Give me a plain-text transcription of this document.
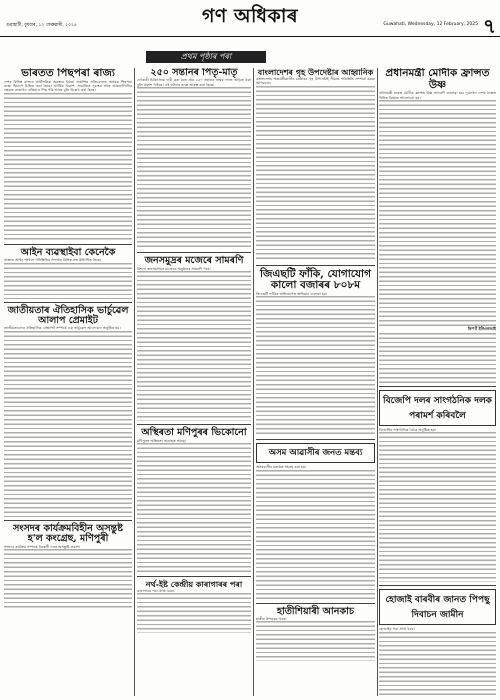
গুৱাহাটী, বুধবাৰ, ১২ ফেব্ৰুৱাৰী, ২০২৫	গণ অধিকাৰ	Guwahati, Wednesday, 12 February, 2025 ৭
প্ৰথম পৃষ্ঠাৰ পৰা
ভাৰতত পিছপৰা ৰাজ্য

দেশৰ বিভিন্ন ৰাজ্যৰ অৰ্থনৈতিক অৱস্থাৰ বিষয়ে প্ৰকাশিত প্ৰতিবেদনত অসমক পিছপৰা ৰাজ্য হিচাপে চিহ্নিত কৰা হৈছে। আৰ্থিক বিকাশ, সামাজিক সূচাংক আৰু আন্তঃগাঁথনিৰ ক্ষেত্ৰত ৰাজ্যখন এতিয়াও পিছ পৰি আছে বুলি উল্লেখ কৰা হৈছে।

আইন ব্যৱস্থাইবা কেনেকৈ

ৰাজ্যত আইন শৃংখলা পৰিস্থিতিৰ সন্দৰ্ভত বিভিন্ন প্ৰশ্ন উত্থাপিত হৈছে।

জাতীয়তাৰ ঐতিহাসিক ভাৰ্চুৱেল আলাপ প্ৰেমাইট

জাতীয়তাবাদৰ ঐতিহাসিক প্ৰেক্ষাপট সম্পৰ্কে এক ভাৰ্চুৱেল আলোচনা অনুষ্ঠিত হয়।

সংসদৰ কাৰ্যক্ৰমবিহীন অসন্তুষ্ট হ'ল কংগ্ৰেছ, মণিপুৰী

সংসদৰ কাৰ্যক্ৰম সম্পৰ্কে বিৰোধী দলৰ অসন্তুষ্টি প্ৰকাশ।

২৫০ সন্তানৰ পিতৃ-মাতৃ

এগৰাকী চিকিৎসকে দাবী কৰা মতে প্ৰায় ২৫০ সন্তানৰ জন্মৰ লগত জড়িত থকা বুলি প্ৰকাশ পাইছে। এই ঘটনাৰ তদন্ত আৰম্ভ কৰা হৈছে।

জনসমুদ্ৰৰ মজেৰে সামৰণি

বিশাল জনসমাগমৰ মাজেৰে অনুষ্ঠানৰ সামৰণি পৰে।

অস্থিৰতা মণিপুৰৰ ভিকোনো

মণিপুৰত অস্থিৰতা অব্যাহত আছে।

নৰ্থ-ইষ্ট কেন্দ্ৰীয় কাৰাগাৰৰ পৰা

কাৰাগাৰৰ পৰা প্ৰাপ্ত খবৰ।

বাংলাদেশৰ গৃহ উপদেষ্টাৰ আহ্বানিক

বাংলাদেশৰ অন্তৰ্বৰ্তীকালীন চৰকাৰৰ গৃহ উপদেষ্টাই সীমান্ত পৰিস্থিতি সম্পৰ্কে মন্তব্য আগবঢ়ায়।

জিএছটি ফাঁকি, যোগাযোগ কালো বজাৰৰ ৮০৮ম

জিএছটি ফাঁকিৰ অভিযোগত অভিযান চলোৱা হয়।

অসম আৱাসীৰ জনত মন্তব্য

অসমবাসীৰ মতামত সংগ্ৰহ কৰা হয়।

হাতীশিয়াৰী আনকাচ

হাতীৰ উপদ্ৰৱৰ খবৰ।

প্ৰধানমন্ত্ৰী মোদীক ফ্ৰান্সত উষ্ণ

প্ৰধানমন্ত্ৰী নৰেন্দ্ৰ মোদীক ফ্ৰান্সত উষ্ণ আদৰণি জনোৱা হয়। দুয়োখন দেশৰ মাজত বিভিন্ন বিষয়ত আলোচনা হয়।

ৰিপ'ৰ্ট ইউএনআই
বিজেপি দলৰ সাংগঠনিক দলক পৰামৰ্শ কৰিবলৈ

বিজেপিৰ সাংগঠনিক বৈঠক অনুষ্ঠিত হয়।

হোজাই বাৰবীৰ জানত পিপছু দিবাচন জামীন

হোজাইৰ পৰা প্ৰাপ্ত খবৰ।
